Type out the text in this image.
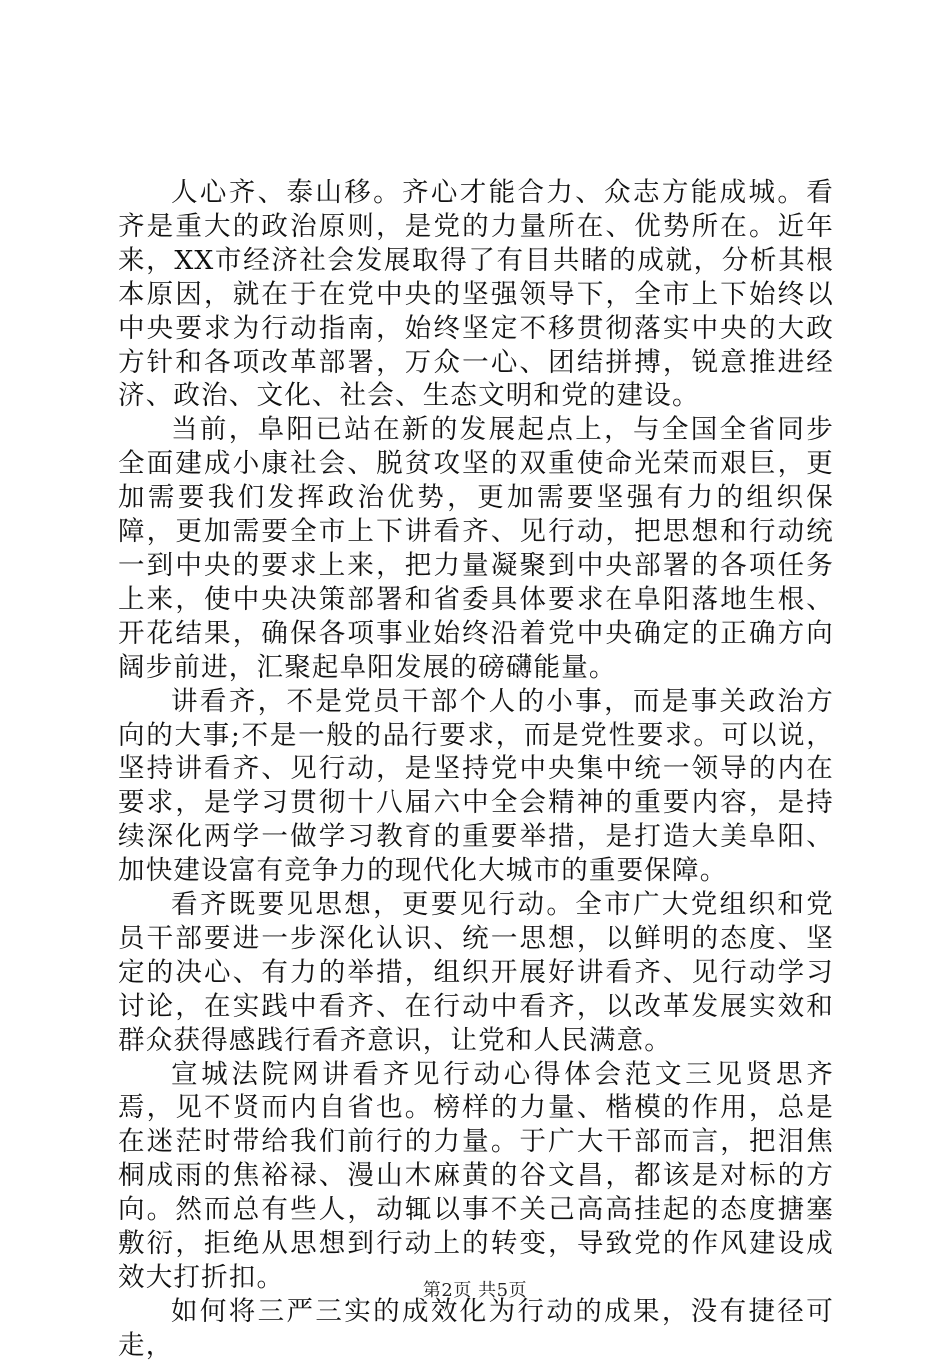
人心齐、泰山移。齐心才能合力、众志方能成城。看齐是重大的政治原则，是党的力量所在、优势所在。近年来，XX市经济社会发展取得了有目共睹的成就，分析其根本原因，就在于在党中央的坚强领导下，全市上下始终以中央要求为行动指南，始终坚定不移贯彻落实中央的大政方针和各项改革部署，万众一心、团结拼搏，锐意推进经济、政治、文化、社会、生态文明和党的建设。

当前，阜阳已站在新的发展起点上，与全国全省同步全面建成小康社会、脱贫攻坚的双重使命光荣而艰巨，更加需要我们发挥政治优势，更加需要坚强有力的组织保障，更加需要全市上下讲看齐、见行动，把思想和行动统一到中央的要求上来，把力量凝聚到中央部署的各项任务上来，使中央决策部署和省委具体要求在阜阳落地生根、开花结果，确保各项事业始终沿着党中央确定的正确方向阔步前进，汇聚起阜阳发展的磅礴能量。

讲看齐，不是党员干部个人的小事，而是事关政治方向的大事;不是一般的品行要求，而是党性要求。可以说，坚持讲看齐、见行动，是坚持党中央集中统一领导的内在要求，是学习贯彻十八届六中全会精神的重要内容，是持续深化两学一做学习教育的重要举措，是打造大美阜阳、加快建设富有竞争力的现代化大城市的重要保障。

看齐既要见思想，更要见行动。全市广大党组织和党员干部要进一步深化认识、统一思想，以鲜明的态度、坚定的决心、有力的举措，组织开展好讲看齐、见行动学习讨论，在实践中看齐、在行动中看齐，以改革发展实效和群众获得感践行看齐意识，让党和人民满意。

宣城法院网讲看齐见行动心得体会范文三见贤思齐焉，见不贤而内自省也。榜样的力量、楷模的作用，总是在迷茫时带给我们前行的力量。于广大干部而言，把泪焦桐成雨的焦裕禄、漫山木麻黄的谷文昌，都该是对标的方向。然而总有些人，动辄以事不关己高高挂起的态度搪塞敷衍，拒绝从思想到行动上的转变，导致党的作风建设成效大打折扣。

如何将三严三实的成效化为行动的成果，没有捷径可走，

第2页 共5页
